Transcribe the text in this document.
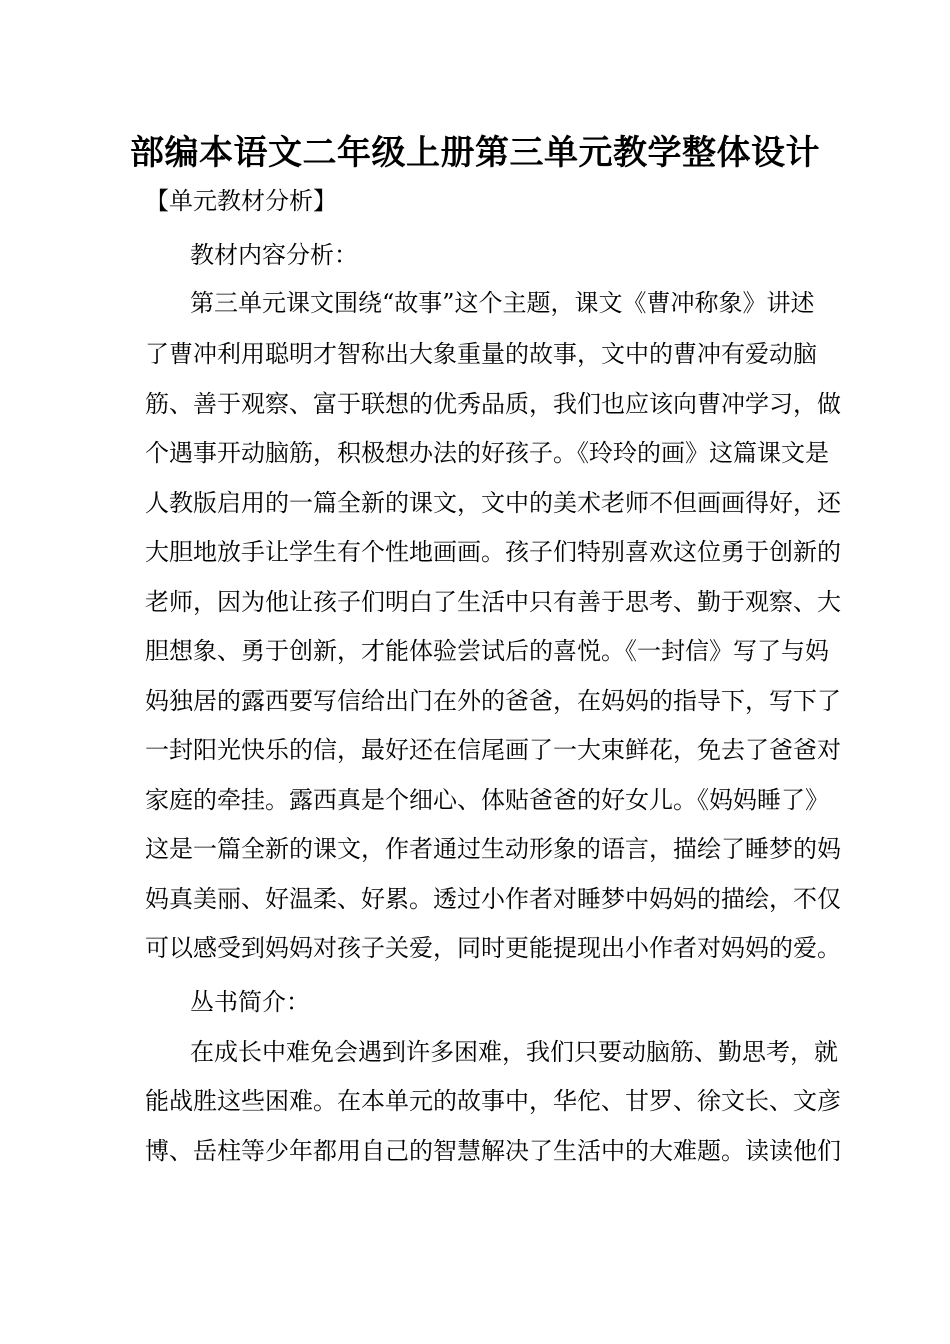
部编本语文二年级上册第三单元教学整体设计
【单元教材分析】
教材内容分析：
第三单元课文围绕“故事”这个主题，课文《曹冲称象》讲述
了曹冲利用聪明才智称出大象重量的故事，文中的曹冲有爱动脑
筋、善于观察、富于联想的优秀品质，我们也应该向曹冲学习，做
个遇事开动脑筋，积极想办法的好孩子。《玲玲的画》这篇课文是
人教版启用的一篇全新的课文，文中的美术老师不但画画得好，还
大胆地放手让学生有个性地画画。孩子们特别喜欢这位勇于创新的
老师，因为他让孩子们明白了生活中只有善于思考、勤于观察、大
胆想象、勇于创新，才能体验尝试后的喜悦。《一封信》写了与妈
妈独居的露西要写信给出门在外的爸爸，在妈妈的指导下，写下了
一封阳光快乐的信，最好还在信尾画了一大束鲜花，免去了爸爸对
家庭的牵挂。露西真是个细心、体贴爸爸的好女儿。《妈妈睡了》
这是一篇全新的课文，作者通过生动形象的语言，描绘了睡梦的妈
妈真美丽、好温柔、好累。透过小作者对睡梦中妈妈的描绘，不仅
可以感受到妈妈对孩子关爱，同时更能提现出小作者对妈妈的爱。
丛书简介：
在成长中难免会遇到许多困难，我们只要动脑筋、勤思考，就
能战胜这些困难。在本单元的故事中，华佗、甘罗、徐文长、文彦
博、岳柱等少年都用自己的智慧解决了生活中的大难题。读读他们
